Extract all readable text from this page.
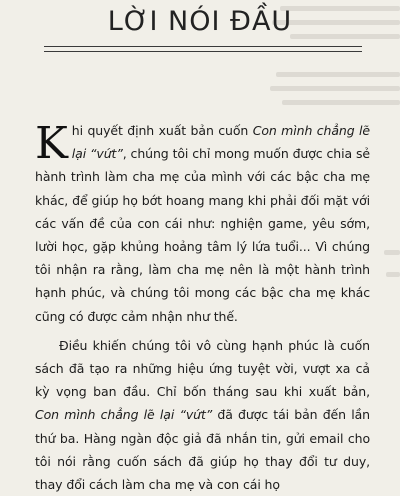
LỜI NÓI ĐẦU

Khi quyết định xuất bản cuốn Con mình chẳng lẽ lại “vứt”, chúng tôi chỉ mong muốn được chia sẻ hành trình làm cha mẹ của mình với các bậc cha mẹ khác, để giúp họ bớt hoang mang khi phải đối mặt với các vấn đề của con cái như: nghiện game, yêu sớm, lười học, gặp khủng hoảng tâm lý lứa tuổi... Vì chúng tôi nhận ra rằng, làm cha mẹ nên là một hành trình hạnh phúc, và chúng tôi mong các bậc cha mẹ khác cũng có được cảm nhận như thế.

Điều khiến chúng tôi vô cùng hạnh phúc là cuốn sách đã tạo ra những hiệu ứng tuyệt vời, vượt xa cả kỳ vọng ban đầu. Chỉ bốn tháng sau khi xuất bản, Con mình chẳng lẽ lại “vứt” đã được tái bản đến lần thứ ba. Hàng ngàn độc giả đã nhắn tin, gửi email cho tôi nói rằng cuốn sách đã giúp họ thay đổi tư duy, thay đổi cách làm cha mẹ và con cái họ
